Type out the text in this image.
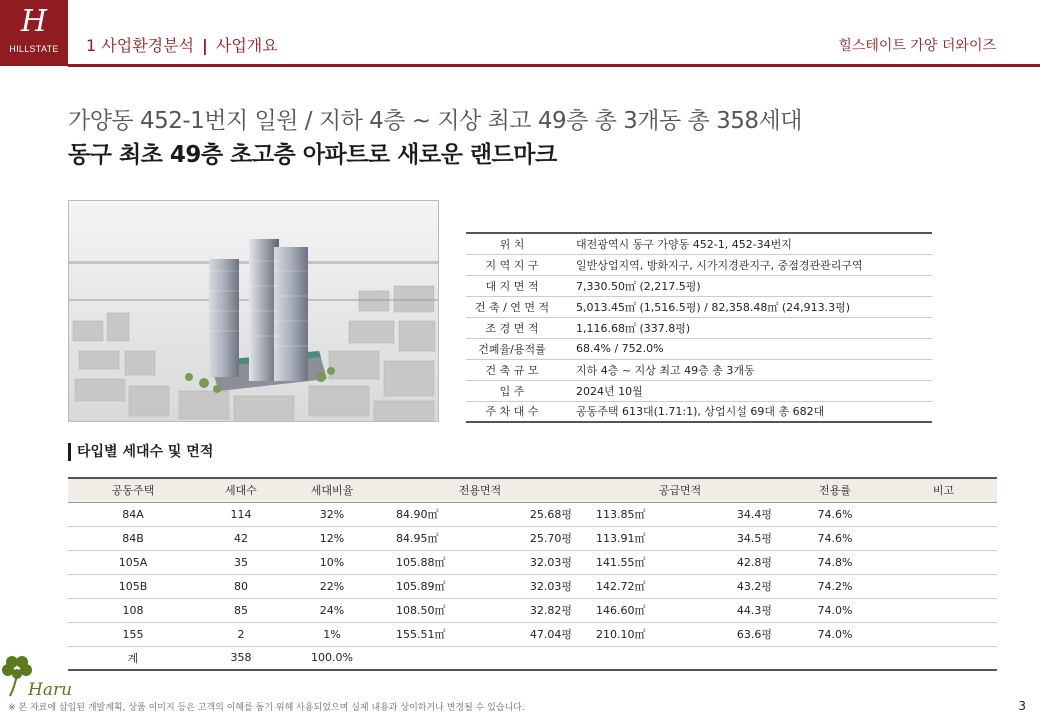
H
HILLSTATE	1 사업환경분석 | 사업개요	힐스테이트 가양 더와이즈
가양동 452-1번지 일원 / 지하 4층 ~ 지상 최고 49층 총 3개동 총 358세대
동구 최초 49층 초고층 아파트로 새로운 랜드마크
위 치	대전광역시 동구 가양동 452-1, 452-34번지
지 역 지 구	일반상업지역, 방화지구, 시가지경관지구, 중점경관관리구역
대 지 면 적	7,330.50㎡ (2,217.5평)
건 축 / 연 면 적	5,013.45㎡ (1,516.5평) / 82,358.48㎡ (24,913.3평)
조 경 면 적	1,116.68㎡ (337.8평)
건폐율/용적률	68.4% / 752.0%
건 축 규 모	지하 4층 ~ 지상 최고 49층 총 3개동
입 주	2024년 10월
주 차 대 수	공동주택 613대(1.71:1), 상업시설 69대 총 682대
타입별 세대수 및 면적
공동주택	세대수	세대비율	전용면적		공급면적		전용률	비고
84A	114	32%	84.90㎡	25.68평	113.85㎡	34.4평	74.6%	
84B	42	12%	84.95㎡	25.70평	113.91㎡	34.5평	74.6%	
105A	35	10%	105.88㎡	32.03평	141.55㎡	42.8평	74.8%	
105B	80	22%	105.89㎡	32.03평	142.72㎡	43.2평	74.2%	
108	85	24%	108.50㎡	32.82평	146.60㎡	44.3평	74.0%	
155	2	1%	155.51㎡	47.04평	210.10㎡	63.6평	74.0%	
계	358	100.0%						
Haru
※ 본 자료에 삽입된 개발계획, 상품 이미지 등은 고객의 이해를 돕기 위해 사용되었으며 실제 내용과 상이하거나 변경될 수 있습니다.	3
